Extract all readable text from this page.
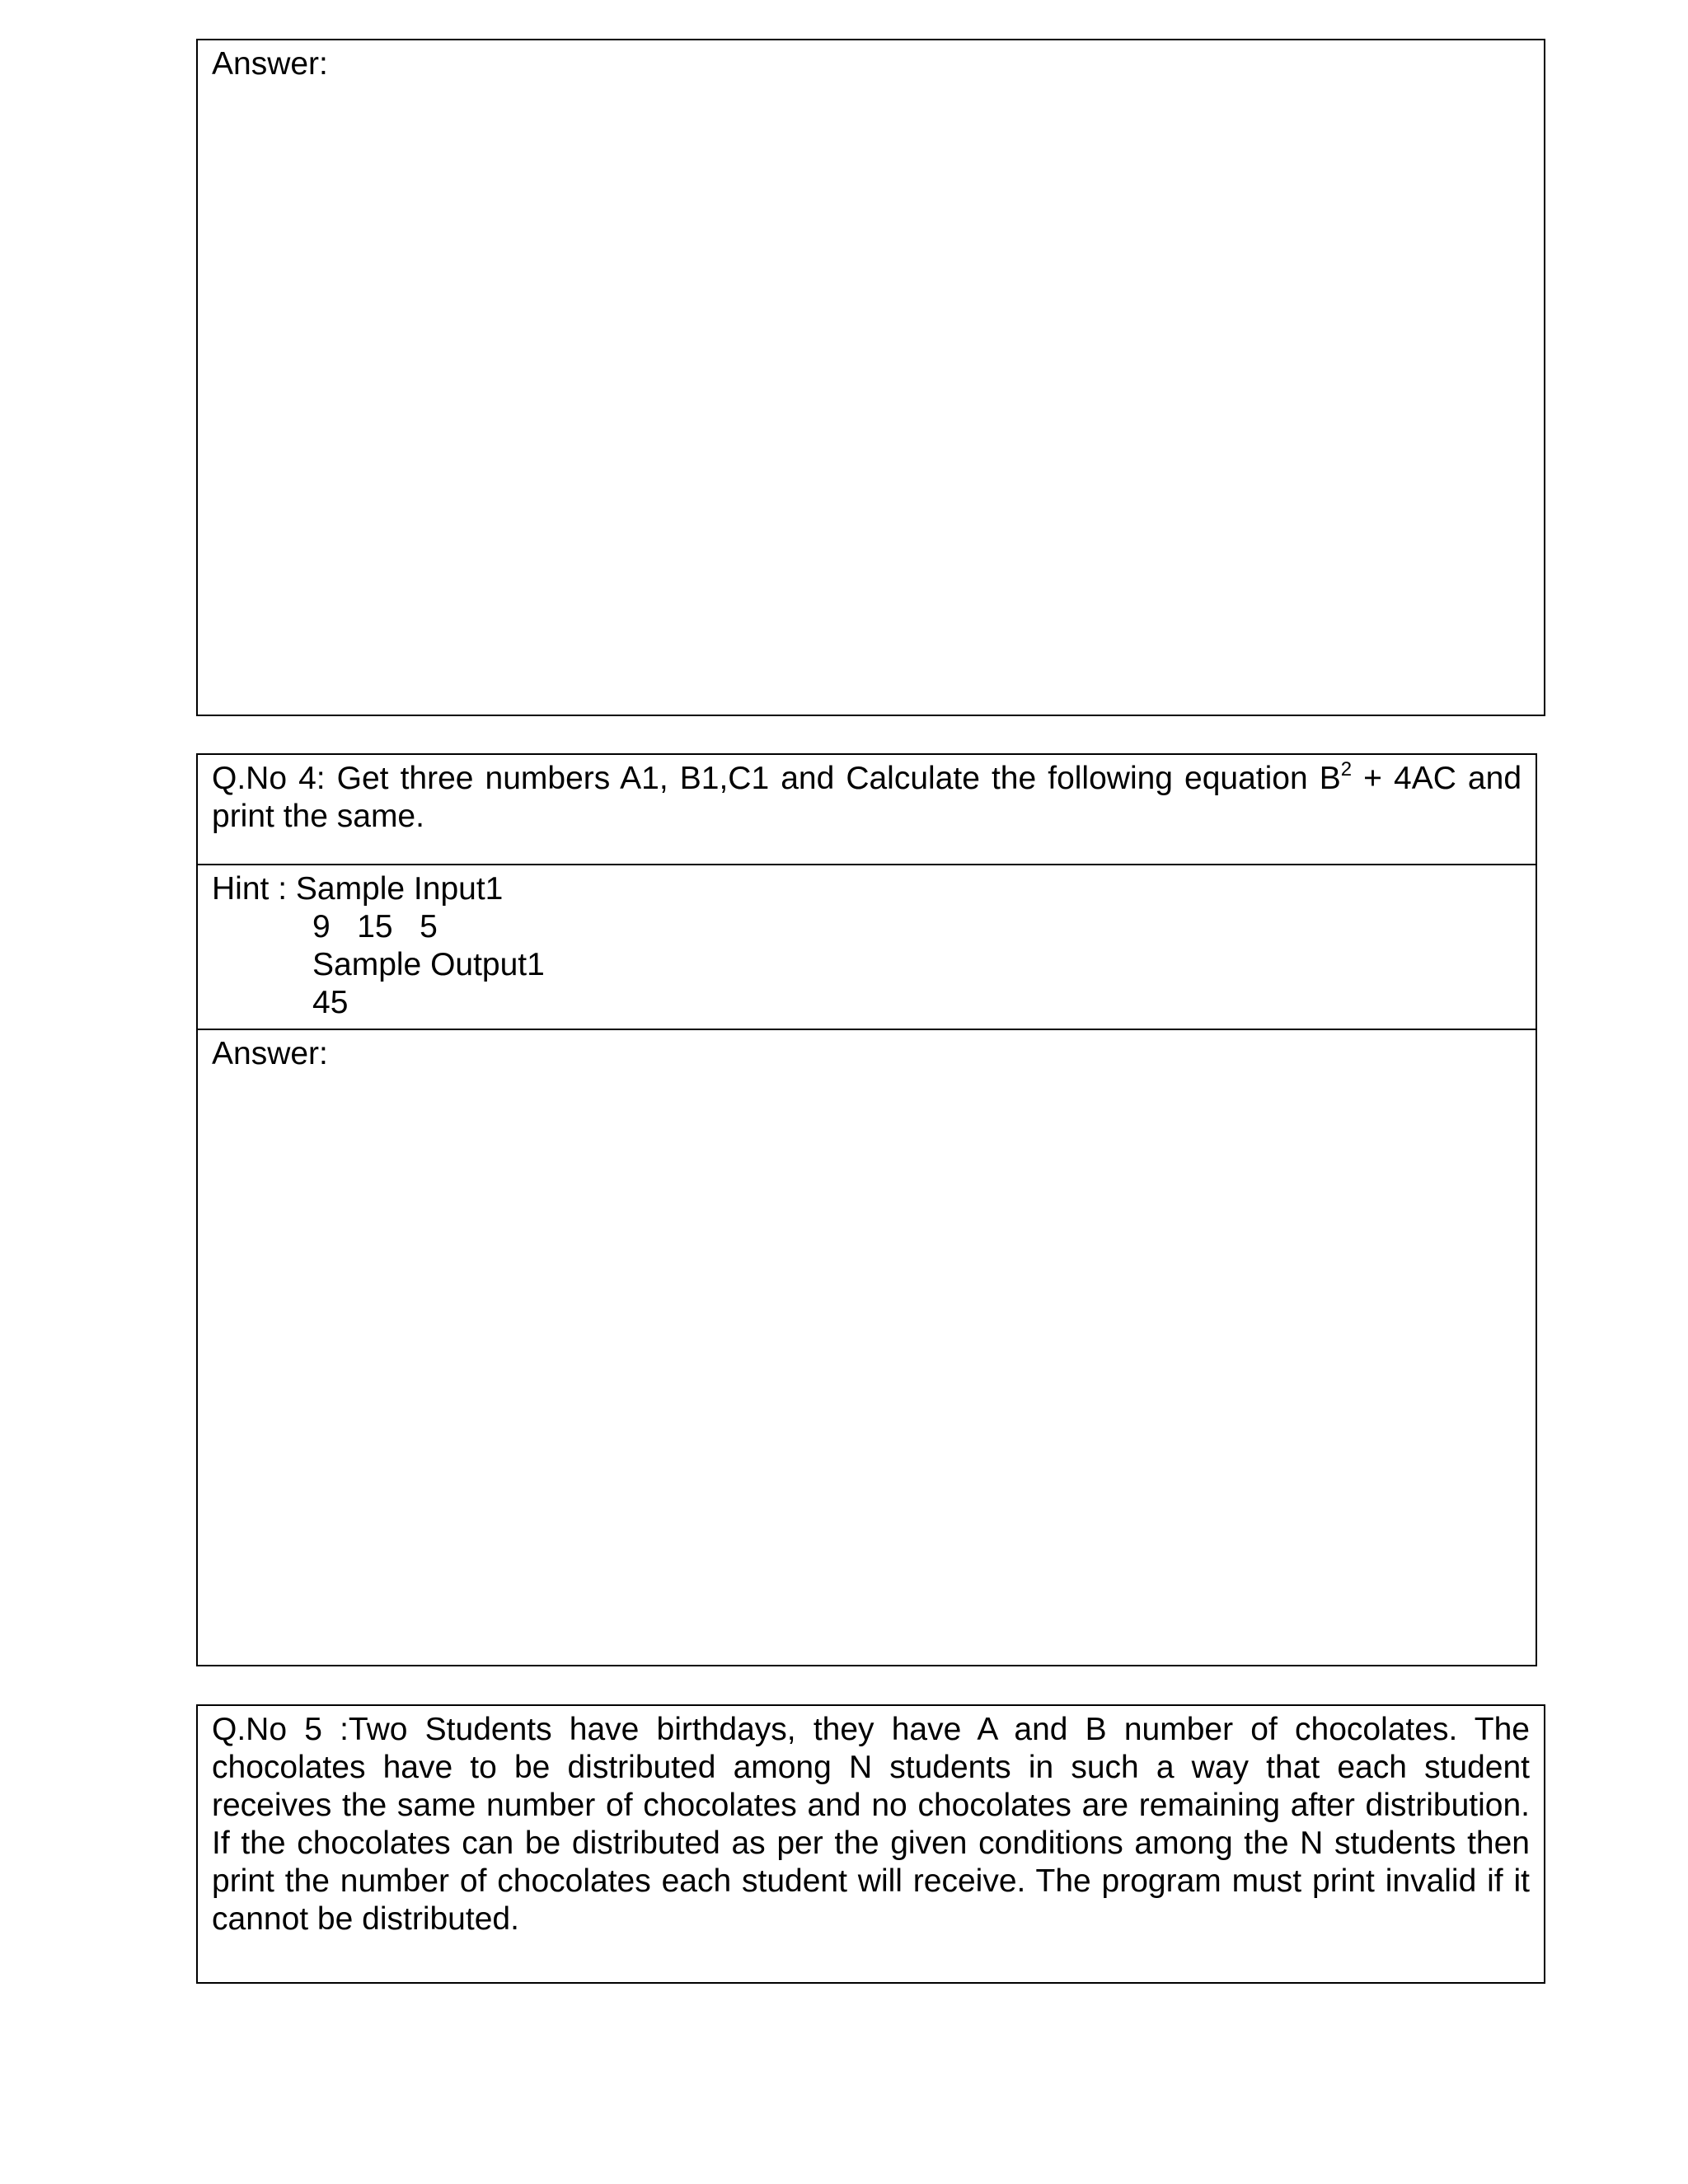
Answer:

Q.No 4: Get three numbers A1, B1,C1 and Calculate the following equation $B^2 + 4AC$ and print the same.

Hint : Sample Input1
9   15   5
Sample Output1
45
Answer:

Q.No 5 :Two Students have birthdays, they have A and B number of chocolates. The chocolates have to be distributed among N students in such a way that each student receives the same number of chocolates and no chocolates are remaining after distribution. If the chocolates can be distributed as per the given conditions among the N students then print the number of chocolates each student will receive. The program must print invalid if it cannot be distributed.
